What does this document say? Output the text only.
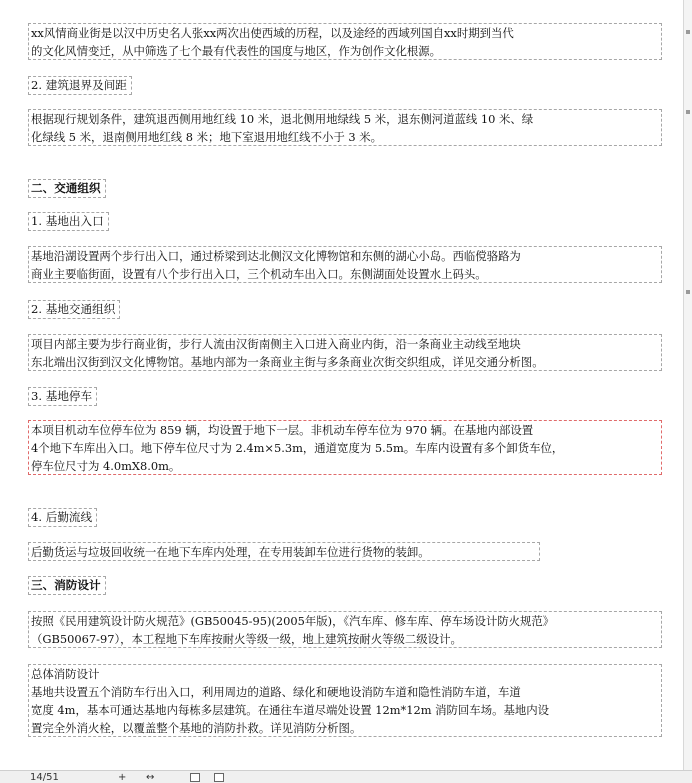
xx风情商业街是以汉中历史名人张xx两次出使西域的历程，以及途经的西域列国自xx时期到当代
的文化风情变迁，从中筛选了七个最有代表性的国度与地区，作为创作文化根源。
2. 建筑退界及间距
根据现行规划条件，建筑退西侧用地红线 10 米，退北侧用地绿线 5 米，退东侧河道蓝线 10 米、绿
化绿线 5 米，退南侧用地红线 8 米；地下室退用地红线不小于 3 米。
二、交通组织
1. 基地出入口
基地沿湖设置两个步行出入口，通过桥梁到达北侧汉文化博物馆和东侧的湖心小岛。西临傥骆路为
商业主要临街面，设置有八个步行出入口，三个机动车出入口。东侧湖面处设置水上码头。
2. 基地交通组织
项目内部主要为步行商业街，步行人流由汉街南侧主入口进入商业内街，沿一条商业主动线至地块
东北端出汉街到汉文化博物馆。基地内部为一条商业主街与多条商业次街交织组成，详见交通分析图。
3. 基地停车
本项目机动车位停车位为 859 辆，均设置于地下一层。非机动车停车位为 970 辆。在基地内部设置
4个地下车库出入口。地下停车位尺寸为 2.4m×5.3m，通道宽度为 5.5m。车库内设置有多个卸货车位，
停车位尺寸为 4.0mX8.0m。
4. 后勤流线
后勤货运与垃圾回收统一在地下车库内处理，在专用装卸车位进行货物的装卸。
三、消防设计
按照《民用建筑设计防火规范》(GB50045-95)(2005年版)，《汽车库、修车库、停车场设计防火规范》
（GB50067-97），本工程地下车库按耐火等级一级，地上建筑按耐火等级二级设计。
总体消防设计
基地共设置五个消防车行出入口，利用周边的道路、绿化和硬地设消防车道和隐性消防车道，车道
宽度 4m，基本可通达基地内每栋多层建筑。在通往车道尽端处设置 12m*12m 消防回车场。基地内设
置完全外消火栓，以覆盖整个基地的消防扑救。详见消防分析图。
14/51	+ ↔
